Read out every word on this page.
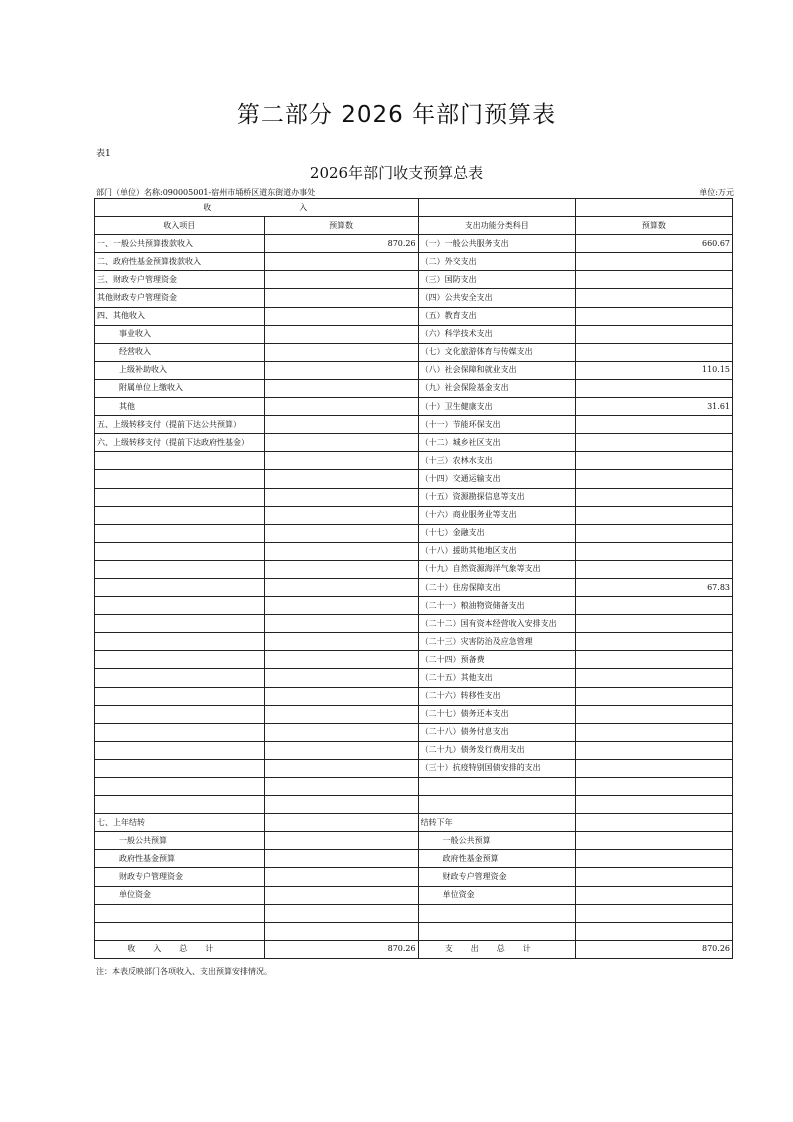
第二部分 2026 年部门预算表
表1
2026年部门收支预算总表
部门（单位）名称:090005001-宿州市埇桥区道东街道办事处	单位:万元
收　入			
收入项目	预算数	支出功能分类科目	预算数
一、一般公共预算拨款收入	870.26	（一）一般公共服务支出	660.67
二、政府性基金预算拨款收入		（二）外交支出	
三、财政专户管理资金		（三）国防支出	
其他财政专户管理资金		（四）公共安全支出	
四、其他收入		（五）教育支出	
事业收入		（六）科学技术支出	
经营收入		（七）文化旅游体育与传媒支出	
上级补助收入		（八）社会保障和就业支出	110.15
附属单位上缴收入		（九）社会保险基金支出	
其他		（十）卫生健康支出	31.61
五、上级转移支付（提前下达公共预算）		（十一）节能环保支出	
六、上级转移支付（提前下达政府性基金）		（十二）城乡社区支出	
		（十三）农林水支出	
		（十四）交通运输支出	
		（十五）资源勘探信息等支出	
		（十六）商业服务业等支出	
		（十七）金融支出	
		（十八）援助其他地区支出	
		（十九）自然资源海洋气象等支出	
		（二十）住房保障支出	67.83
		（二十一）粮油物资储备支出	
		（二十二）国有资本经营收入安排支出	
		（二十三）灾害防治及应急管理	
		（二十四）预备费	
		（二十五）其他支出	
		（二十六）转移性支出	
		（二十七）债务还本支出	
		（二十八）债务付息支出	
		（二十九）债务发行费用支出	
		（三十）抗疫特别国债安排的支出	

七、上年结转		结转下年	
一般公共预算		一般公共预算	
政府性基金预算		政府性基金预算	
财政专户管理资金		财政专户管理资金	
单位资金		单位资金	

收入总计	870.26	支出总计	870.26
注：本表反映部门各项收入、支出预算安排情况。
